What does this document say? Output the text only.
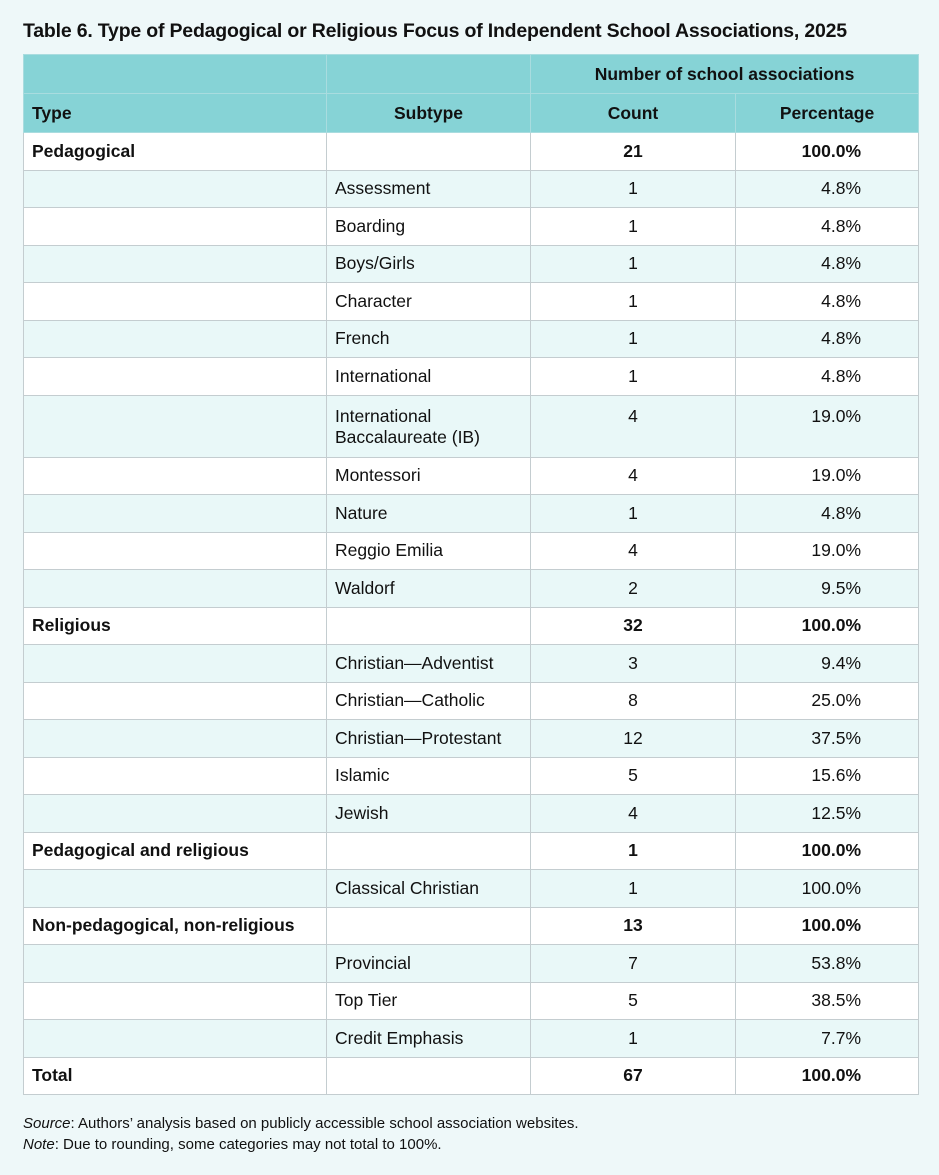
Table 6. Type of Pedagogical or Religious Focus of Independent School Associations, 2025
		Number of school associations	
Type	Subtype	Count	Percentage
Pedagogical		21	100.0%
	Assessment	1	4.8%
	Boarding	1	4.8%
	Boys/Girls	1	4.8%
	Character	1	4.8%
	French	1	4.8%
	International	1	4.8%
	International Baccalaureate (IB)	4	19.0%
	Montessori	4	19.0%
	Nature	1	4.8%
	Reggio Emilia	4	19.0%
	Waldorf	2	9.5%
Religious		32	100.0%
	Christian—Adventist	3	9.4%
	Christian—Catholic	8	25.0%
	Christian—Protestant	12	37.5%
	Islamic	5	15.6%
	Jewish	4	12.5%
Pedagogical and religious		1	100.0%
	Classical Christian	1	100.0%
Non-pedagogical, non-religious		13	100.0%
	Provincial	7	53.8%
	Top Tier	5	38.5%
	Credit Emphasis	1	7.7%
Total		67	100.0%
Source: Authors’ analysis based on publicly accessible school association websites.
Note: Due to rounding, some categories may not total to 100%.
